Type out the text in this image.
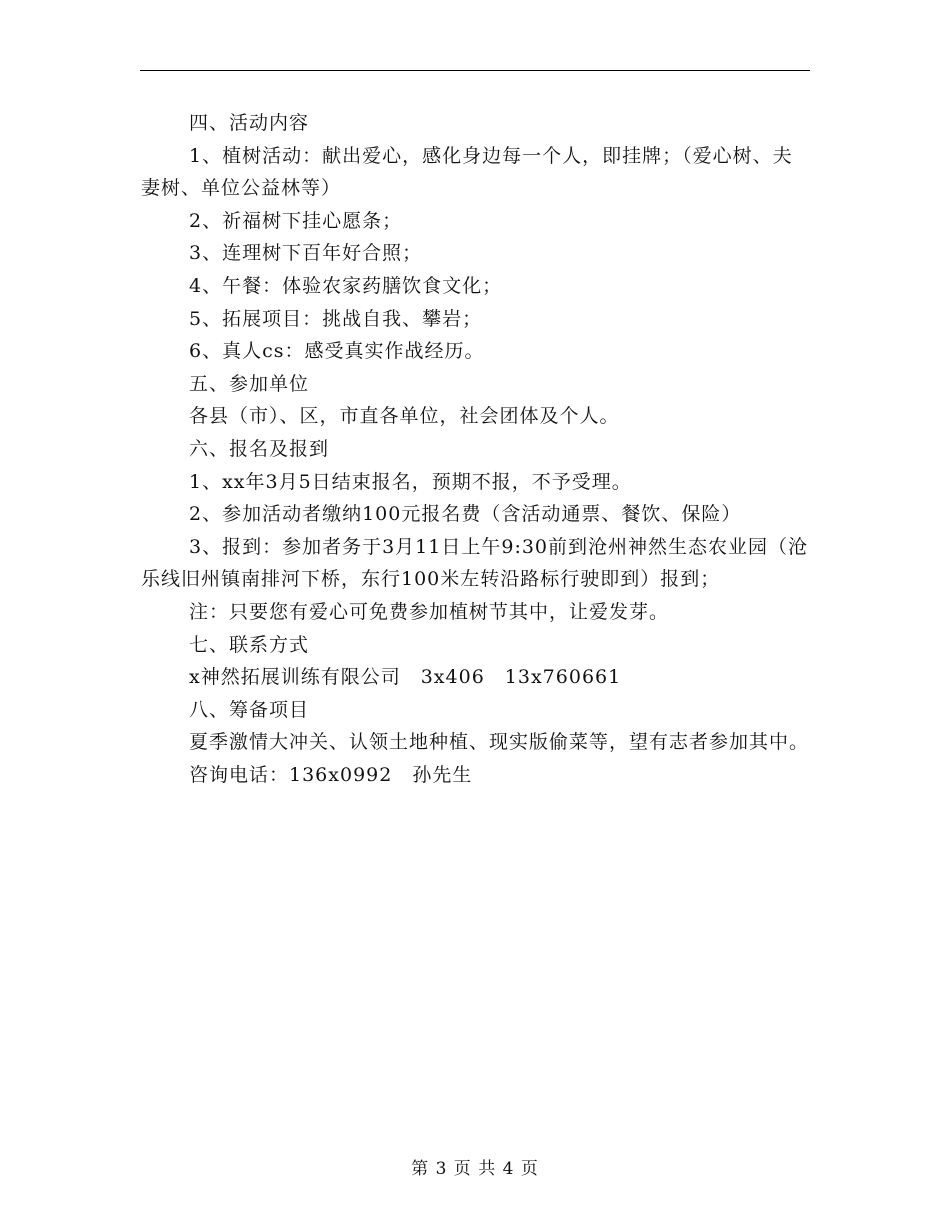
四、活动内容

1、植树活动：献出爱心，感化身边每一个人，即挂牌；（爱心树、夫妻树、单位公益林等）

2、祈福树下挂心愿条；

3、连理树下百年好合照；

4、午餐：体验农家药膳饮食文化；

5、拓展项目：挑战自我、攀岩；

6、真人cs：感受真实作战经历。

五、参加单位

各县（市）、区，市直各单位，社会团体及个人。

六、报名及报到

1、xx年3月5日结束报名，预期不报，不予受理。

2、参加活动者缴纳100元报名费（含活动通票、餐饮、保险）

3、报到：参加者务于3月11日上午9:30前到沧州神然生态农业园（沧乐线旧州镇南排河下桥，东行100米左转沿路标行驶即到）报到；

注：只要您有爱心可免费参加植树节其中，让爱发芽。

七、联系方式

x神然拓展训练有限公司　3x406　13x760661

八、筹备项目

夏季激情大冲关、认领土地种植、现实版偷菜等，望有志者参加其中。

咨询电话：136x0992　孙先生

第 3 页 共 4 页
